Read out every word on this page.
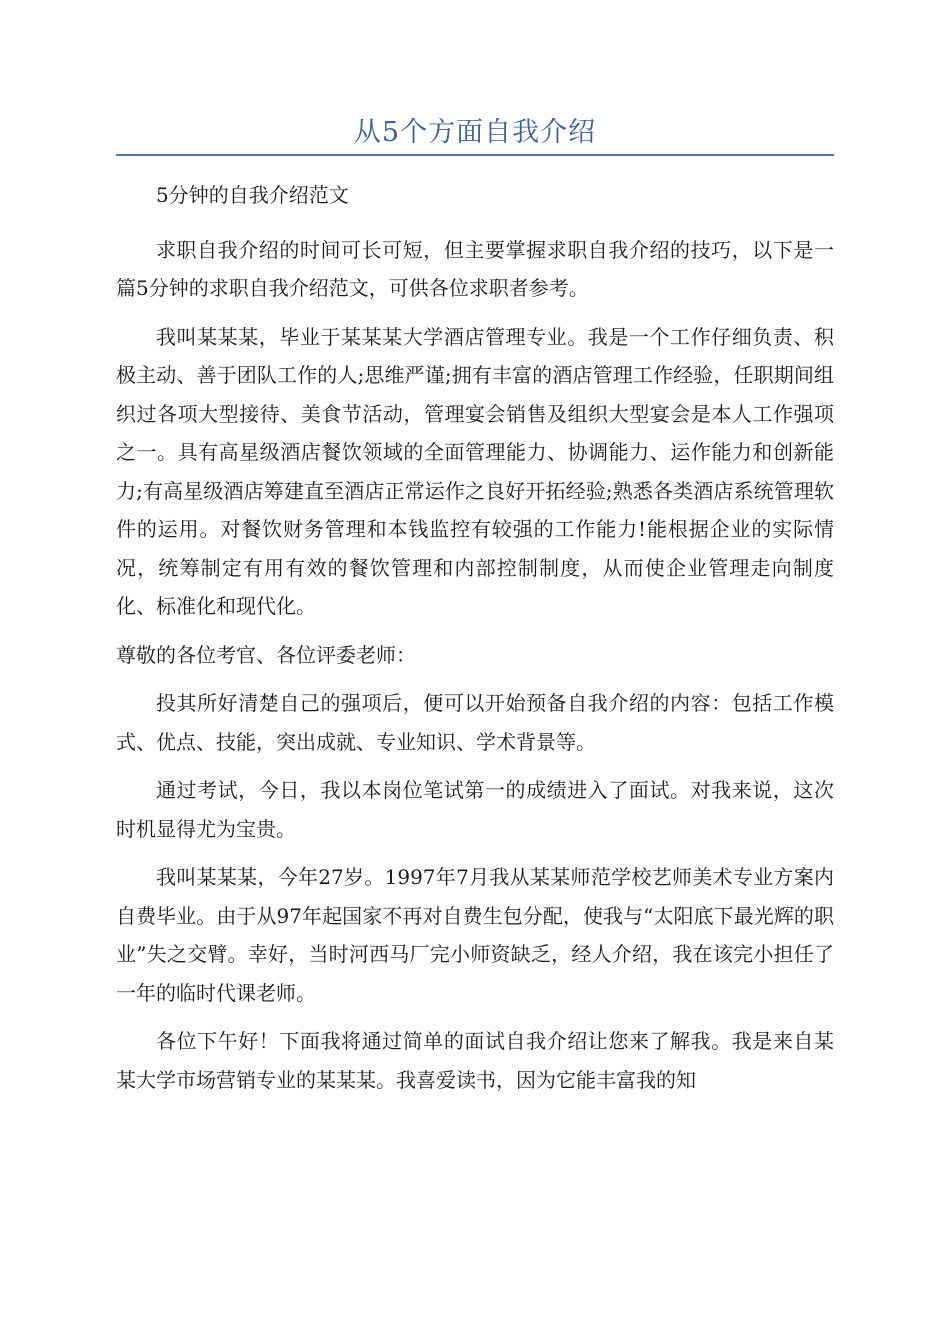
从5个方面自我介绍

5分钟的自我介绍范文

求职自我介绍的时间可长可短，但主要掌握求职自我介绍的技巧，以下是一篇5分钟的求职自我介绍范文，可供各位求职者参考。

我叫某某某，毕业于某某某大学酒店管理专业。我是一个工作仔细负责、积极主动、善于团队工作的人;思维严谨;拥有丰富的酒店管理工作经验，任职期间组织过各项大型接待、美食节活动，管理宴会销售及组织大型宴会是本人工作强项之一。具有高星级酒店餐饮领域的全面管理能力、协调能力、运作能力和创新能力;有高星级酒店筹建直至酒店正常运作之良好开拓经验;熟悉各类酒店系统管理软件的运用。对餐饮财务管理和本钱监控有较强的工作能力!能根据企业的实际情况，统筹制定有用有效的餐饮管理和内部控制制度，从而使企业管理走向制度化、标准化和现代化。

尊敬的各位考官、各位评委老师：

投其所好清楚自己的强项后，便可以开始预备自我介绍的内容：包括工作模式、优点、技能，突出成就、专业知识、学术背景等。

通过考试，今日，我以本岗位笔试第一的成绩进入了面试。对我来说，这次时机显得尤为宝贵。

我叫某某某，今年27岁。1997年7月我从某某师范学校艺师美术专业方案内自费毕业。由于从97年起国家不再对自费生包分配，使我与“太阳底下最光辉的职业”失之交臂。幸好，当时河西马厂完小师资缺乏，经人介绍，我在该完小担任了一年的临时代课老师。

各位下午好！下面我将通过简单的面试自我介绍让您来了解我。我是来自某某大学市场营销专业的某某某。我喜爱读书，因为它能丰富我的知
